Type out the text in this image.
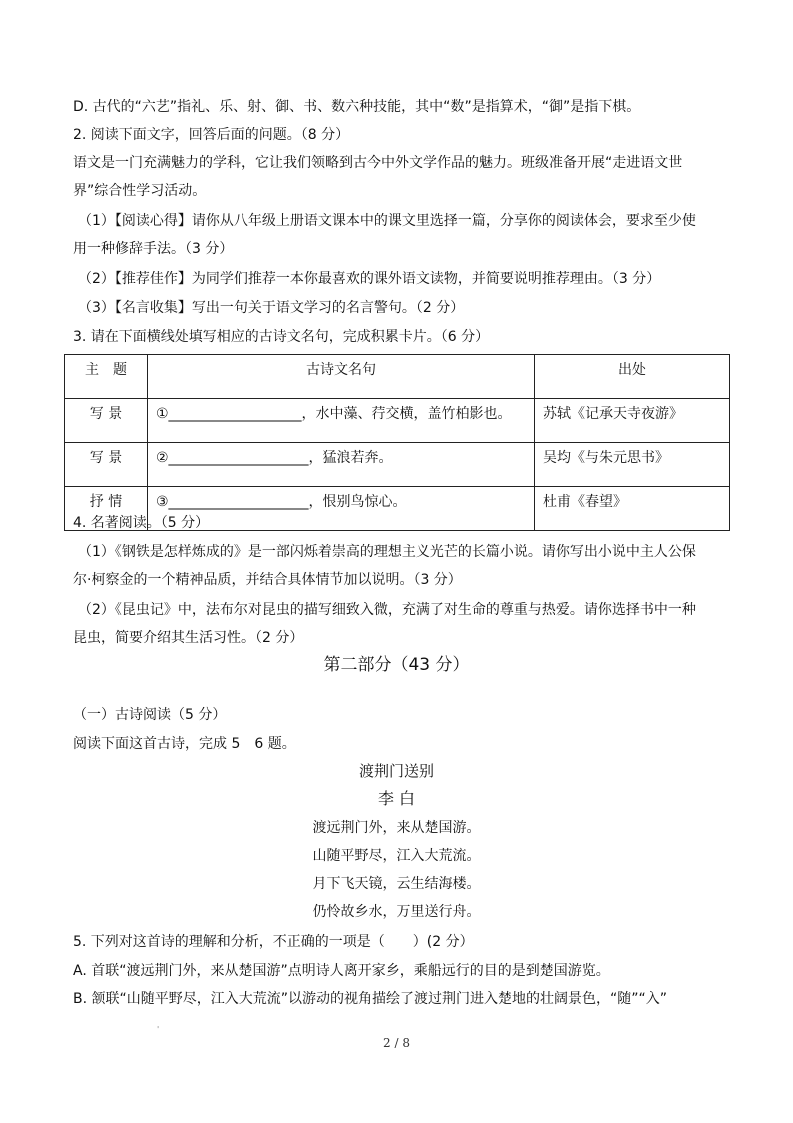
D. 古代的“六艺”指礼、乐、射、御、书、数六种技能，其中“数”是指算术，“御”是指下棋。
2. 阅读下面文字，回答后面的问题。（8 分）
语文是一门充满魅力的学科，它让我们领略到古今中外文学作品的魅力。班级准备开展“走进语文世
界”综合性学习活动。
（1）【阅读心得】请你从八年级上册语文课本中的课文里选择一篇，分享你的阅读体会，要求至少使
用一种修辞手法。（3 分）
（2）【推荐佳作】为同学们推荐一本你最喜欢的课外语文读物，并简要说明推荐理由。（3 分）
（3）【名言收集】写出一句关于语文学习的名言警句。（2 分）
3. 请在下面横线处填写相应的古诗文名句，完成积累卡片。（6 分）
主　题	古诗文名句	出处
写 景	①___________________，水中藻、荇交横，盖竹柏影也。	苏轼《记承天寺夜游》
写 景	②____________________，猛浪若奔。	吴均《与朱元思书》
抒 情	③____________________，恨别鸟惊心。	杜甫《春望》
4. 名著阅读。（5 分）
（1）《钢铁是怎样炼成的》是一部闪烁着崇高的理想主义光芒的长篇小说。请你写出小说中主人公保
尔·柯察金的一个精神品质，并结合具体情节加以说明。（3 分）
（2）《昆虫记》中，法布尔对昆虫的描写细致入微，充满了对生命的尊重与热爱。请你选择书中一种
昆虫，简要介绍其生活习性。（2 分）
第二部分（43 分）
（一）古诗阅读（5 分）
阅读下面这首古诗，完成 5　6 题。
渡荆门送别
李 白
渡远荆门外，来从楚国游。
山随平野尽，江入大荒流。
月下飞天镜，云生结海楼。
仍怜故乡水，万里送行舟。
5. 下列对这首诗的理解和分析，不正确的一项是（　　）(2 分）
A. 首联“渡远荆门外，来从楚国游”点明诗人离开家乡，乘船远行的目的是到楚国游览。
B. 颔联“山随平野尽，江入大荒流”以游动的视角描绘了渡过荆门进入楚地的壮阔景色，“随”“入”
'
2 / 8
